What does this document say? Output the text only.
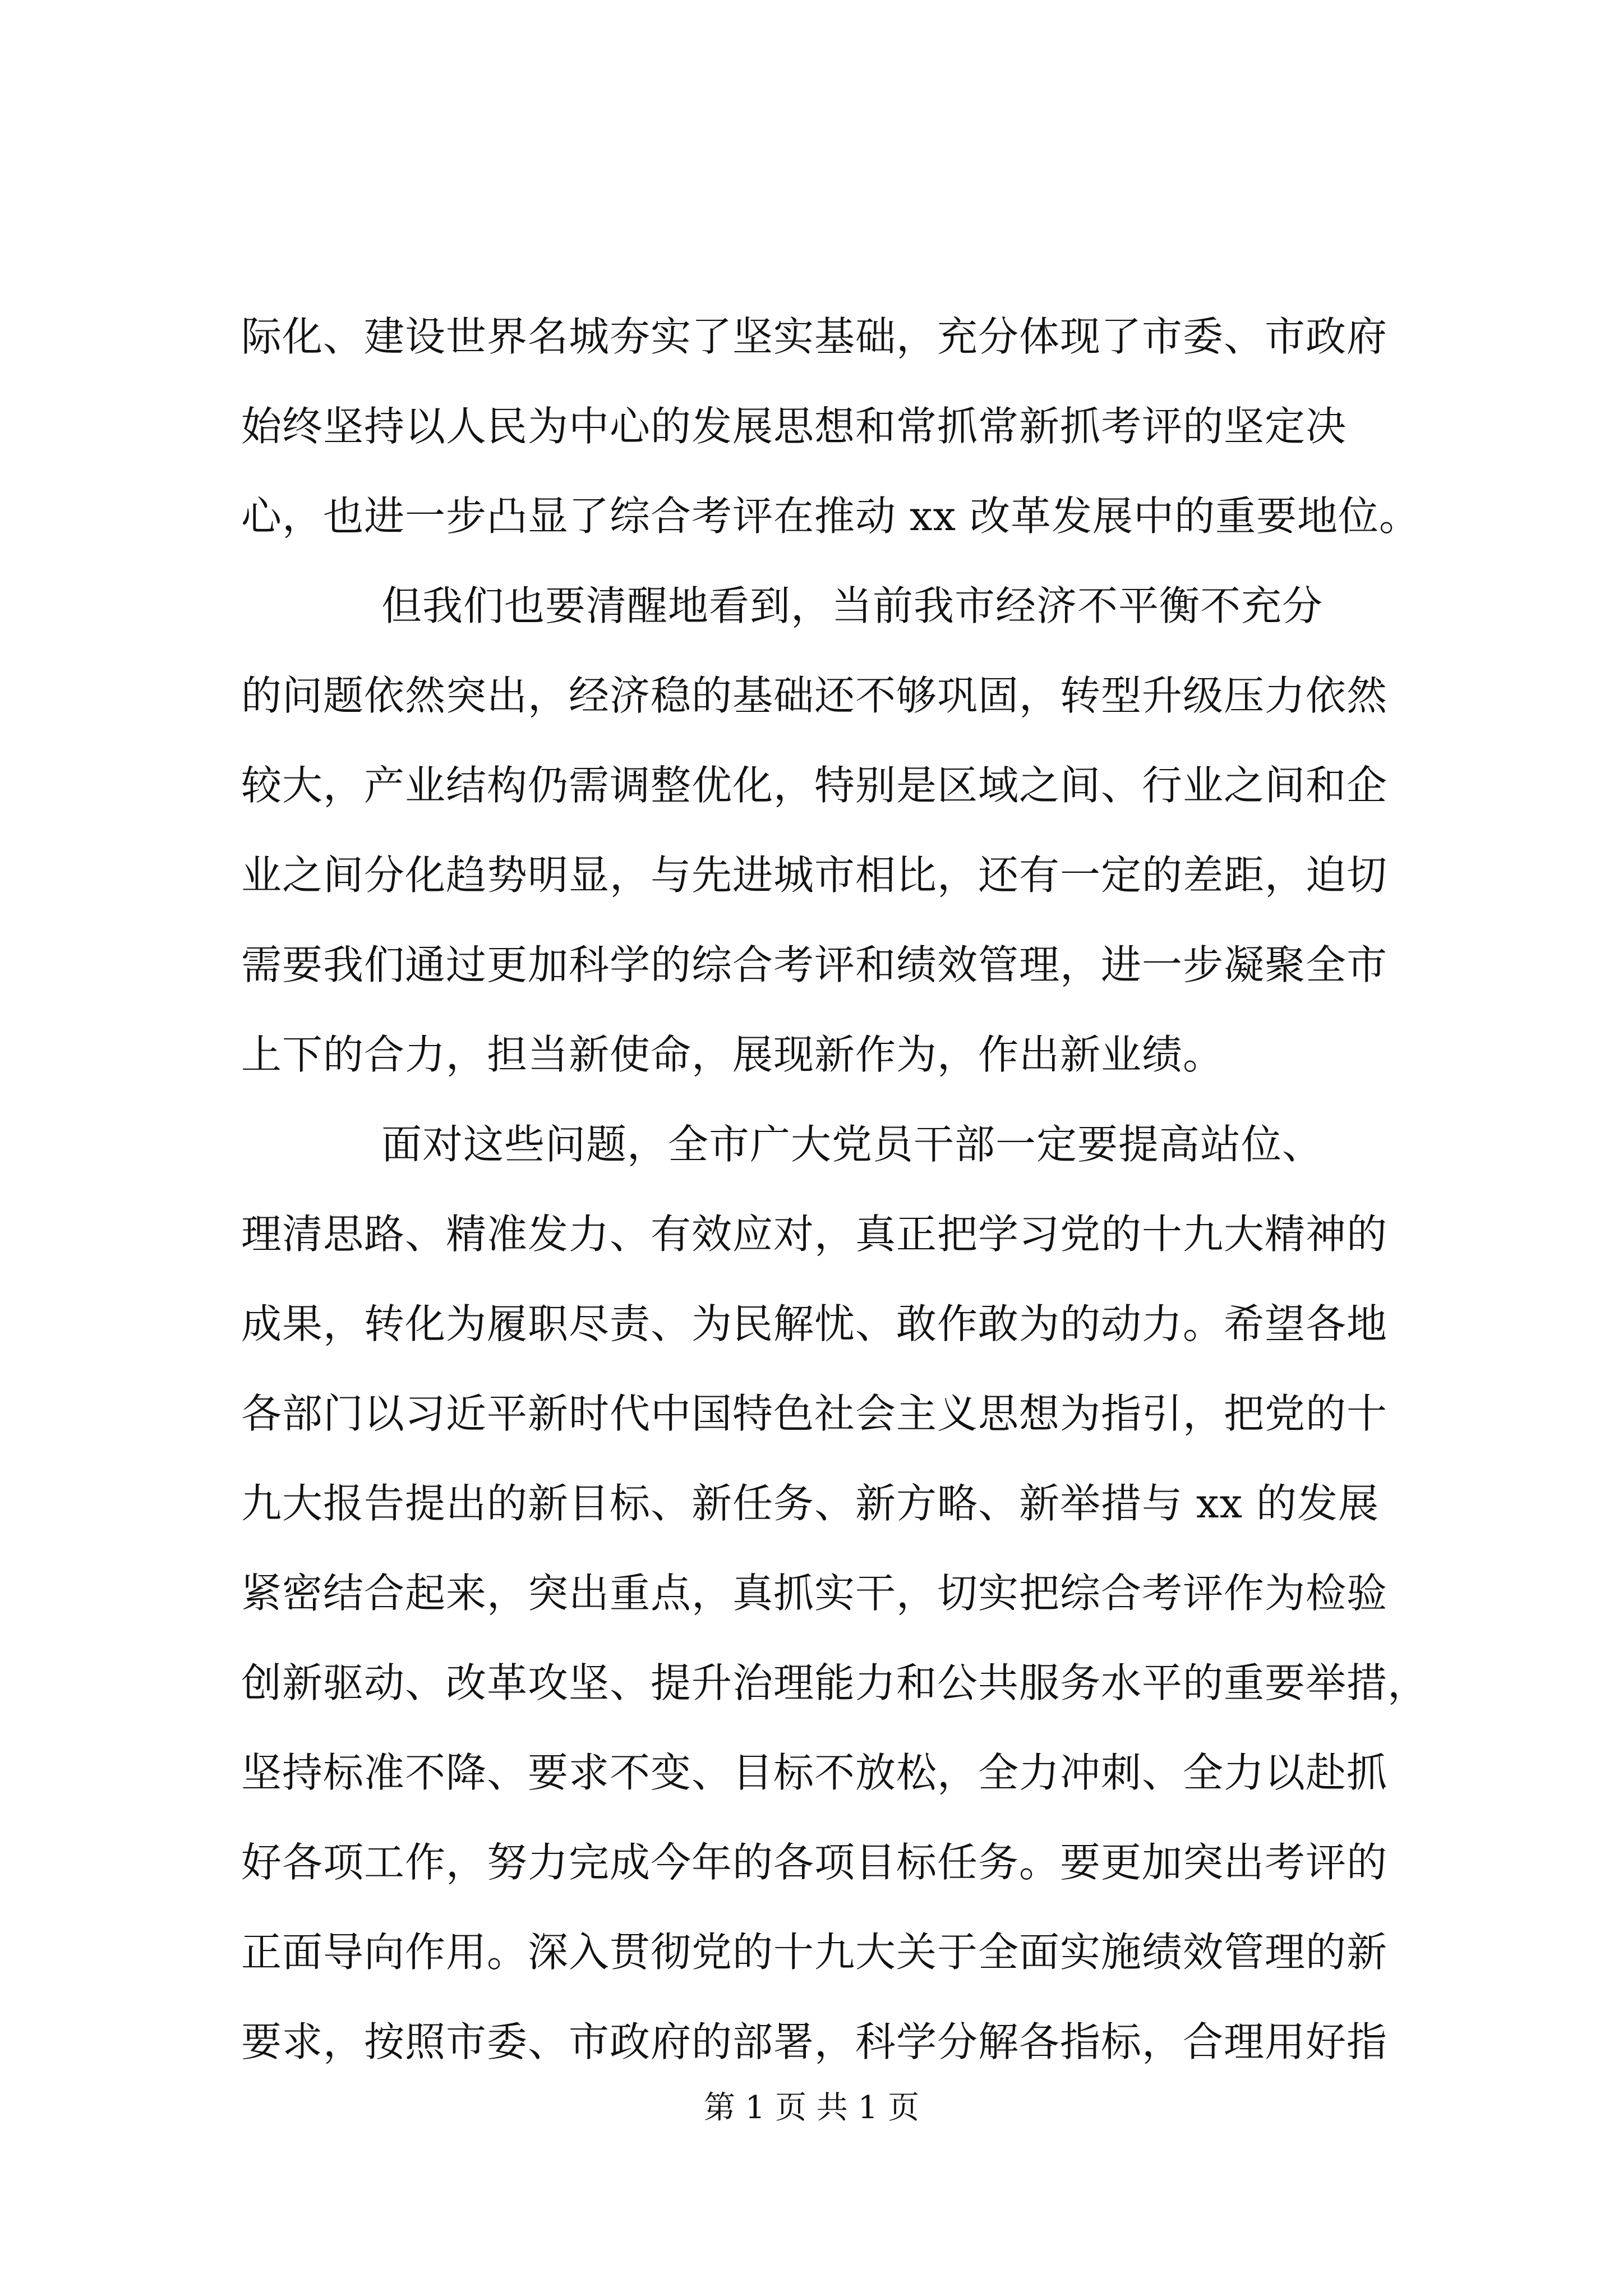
际化、建设世界名城夯实了坚实基础，充分体现了市委、市政府
始终坚持以人民为中心的发展思想和常抓常新抓考评的坚定决
心，也进一步凸显了综合考评在推动 xx 改革发展中的重要地位。
但我们也要清醒地看到，当前我市经济不平衡不充分
的问题依然突出，经济稳的基础还不够巩固，转型升级压力依然
较大，产业结构仍需调整优化，特别是区域之间、行业之间和企
业之间分化趋势明显，与先进城市相比，还有一定的差距，迫切
需要我们通过更加科学的综合考评和绩效管理，进一步凝聚全市
上下的合力，担当新使命，展现新作为，作出新业绩。
面对这些问题，全市广大党员干部一定要提高站位、
理清思路、精准发力、有效应对，真正把学习党的十九大精神的
成果，转化为履职尽责、为民解忧、敢作敢为的动力。希望各地
各部门以习近平新时代中国特色社会主义思想为指引，把党的十
九大报告提出的新目标、新任务、新方略、新举措与 xx 的发展
紧密结合起来，突出重点，真抓实干，切实把综合考评作为检验
创新驱动、改革攻坚、提升治理能力和公共服务水平的重要举措，
坚持标准不降、要求不变、目标不放松，全力冲刺、全力以赴抓
好各项工作，努力完成今年的各项目标任务。要更加突出考评的
正面导向作用。深入贯彻党的十九大关于全面实施绩效管理的新
要求，按照市委、市政府的部署，科学分解各指标，合理用好指
第 1 页 共 1 页
